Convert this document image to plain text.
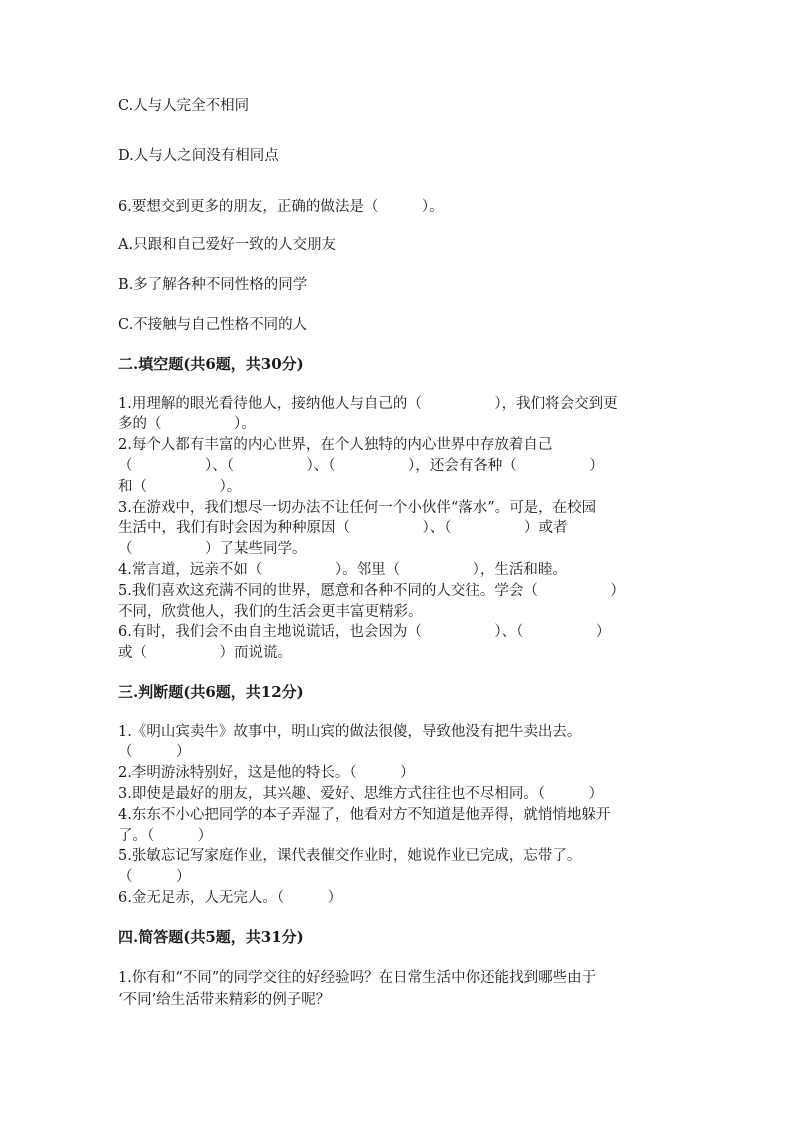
C.人与人完全不相同
D.人与人之间没有相同点
6.要想交到更多的朋友，正确的做法是（　　　）。
A.只跟和自己爱好一致的人交朋友
B.多了解各种不同性格的同学
C.不接触与自己性格不同的人
二.填空题(共6题，共30分)
1.用理解的眼光看待他人，接纳他人与自己的（　　　　　），我们将会交到更
多的（　　　　　）。
2.每个人都有丰富的内心世界，在个人独特的内心世界中存放着自己
（　　　　　）、（　　　　　）、（　　　　　），还会有各种（　　　　　）
和（　　　　　）。
3.在游戏中，我们想尽一切办法不让任何一个小伙伴“落水”。可是，在校园
生活中，我们有时会因为种种原因（　　　　　）、（　　　　　）或者
（　　　　　）了某些同学。
4.常言道，远亲不如（　　　　　）。邻里（　　　　　），生活和睦。
5.我们喜欢这充满不同的世界，愿意和各种不同的人交往。学会（　　　　　）
不同，欣赏他人，我们的生活会更丰富更精彩。
6.有时，我们会不由自主地说谎话，也会因为（　　　　　）、（　　　　　）
或（　　　　　）而说谎。
三.判断题(共6题，共12分)
1.《明山宾卖牛》故事中，明山宾的做法很傻，导致他没有把牛卖出去。
（　　　）
2.李明游泳特别好，这是他的特长。（　　　）
3.即使是最好的朋友，其兴趣、爱好、思维方式往往也不尽相同。（　　　）
4.东东不小心把同学的本子弄湿了，他看对方不知道是他弄得，就悄悄地躲开
了。（　　　）
5.张敏忘记写家庭作业，课代表催交作业时，她说作业已完成，忘带了。
（　　　）
6.金无足赤，人无完人。（　　　）
四.简答题(共5题，共31分)
1.你有和“不同”的同学交往的好经验吗？在日常生活中你还能找到哪些由于
‘不同’给生活带来精彩的例子呢？
